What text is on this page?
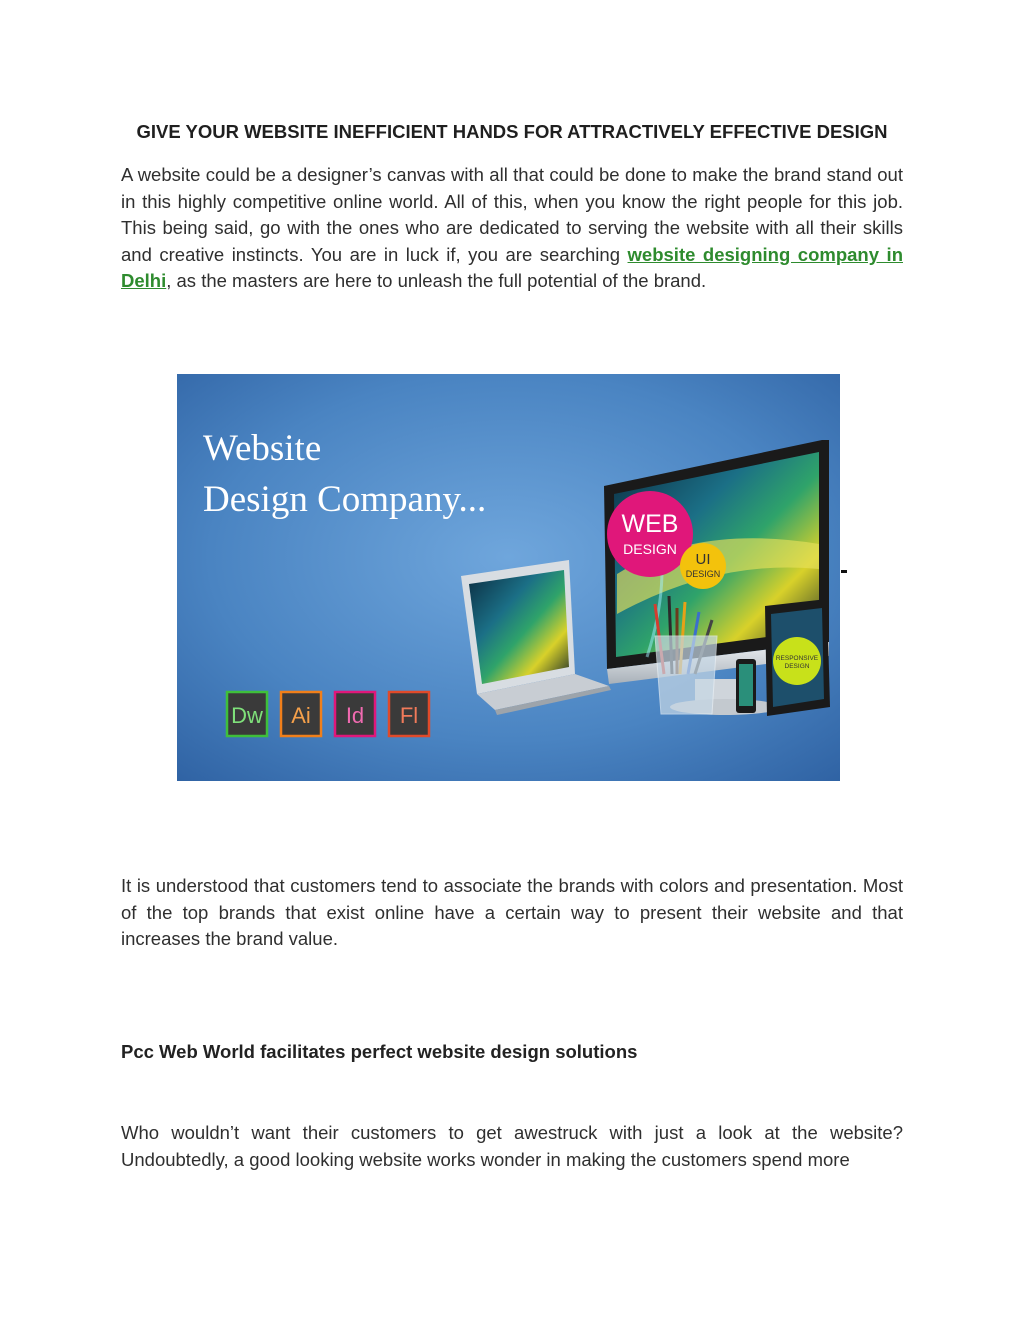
GIVE YOUR WEBSITE INEFFICIENT HANDS FOR ATTRACTIVELY EFFECTIVE DESIGN

A website could be a designer’s canvas with all that could be done to make the brand stand out in this highly competitive online world. All of this, when you know the right people for this job. This being said, go with the ones who are dedicated to serving the website with all their skills and creative instincts. You are in luck if, you are searching website designing company in Delhi, as the masters are here to unleash the full potential of the brand.

Website
Design Company...
WEB
DESIGN
UI
DESIGN
RESPONSIVE
DESIGN
Dw Ai Id Fl

It is understood that customers tend to associate the brands with colors and presentation. Most of the top brands that exist online have a certain way to present their website and that increases the brand value.

Pcc Web World facilitates perfect website design solutions

Who wouldn’t want their customers to get awestruck with just a look at the website? Undoubtedly, a good looking website works wonder in making the customers spend more
